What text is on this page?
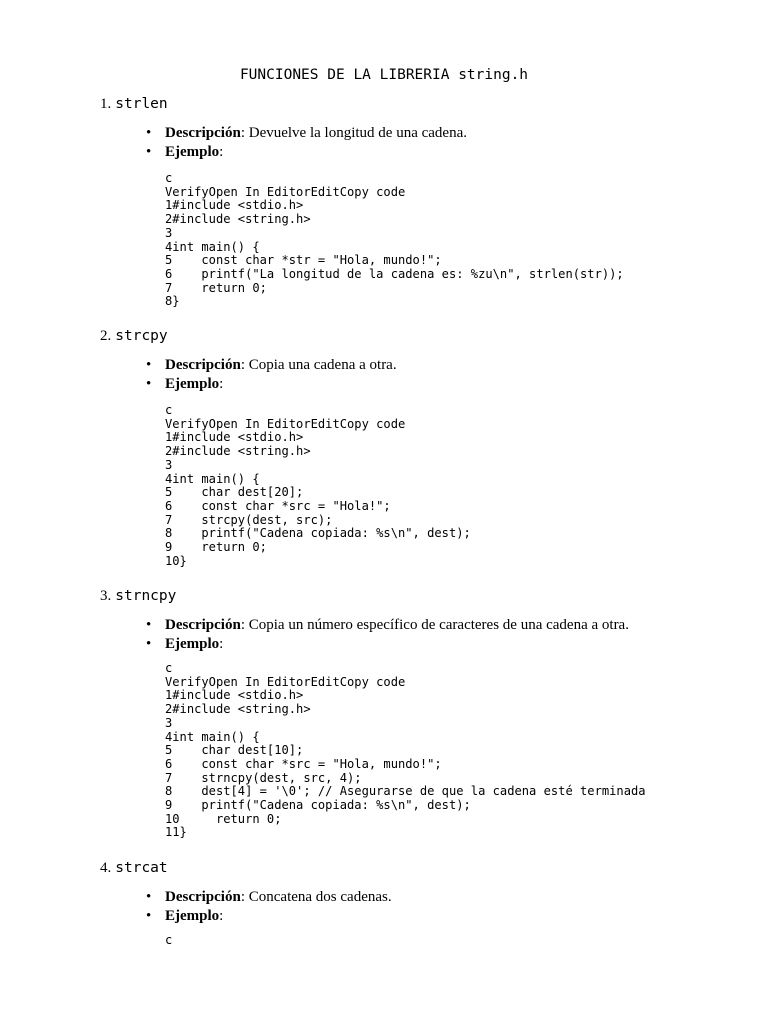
FUNCIONES DE LA LIBRERIA string.h
1. strlen
• Descripción: Devuelve la longitud de una cadena.
• Ejemplo:
c
VerifyOpen In EditorEditCopy code
1#include <stdio.h>
2#include <string.h>
3
4int main() {
5    const char *str = "Hola, mundo!";
6    printf("La longitud de la cadena es: %zu\n", strlen(str));
7    return 0;
8}
2. strcpy
• Descripción: Copia una cadena a otra.
• Ejemplo:
c
VerifyOpen In EditorEditCopy code
1#include <stdio.h>
2#include <string.h>
3
4int main() {
5    char dest[20];
6    const char *src = "Hola!";
7    strcpy(dest, src);
8    printf("Cadena copiada: %s\n", dest);
9    return 0;
10}
3. strncpy
• Descripción: Copia un número específico de caracteres de una cadena a otra.
• Ejemplo:
c
VerifyOpen In EditorEditCopy code
1#include <stdio.h>
2#include <string.h>
3
4int main() {
5    char dest[10];
6    const char *src = "Hola, mundo!";
7    strncpy(dest, src, 4);
8    dest[4] = '\0'; // Asegurarse de que la cadena esté terminada
9    printf("Cadena copiada: %s\n", dest);
10     return 0;
11}
4. strcat
• Descripción: Concatena dos cadenas.
• Ejemplo:
c
